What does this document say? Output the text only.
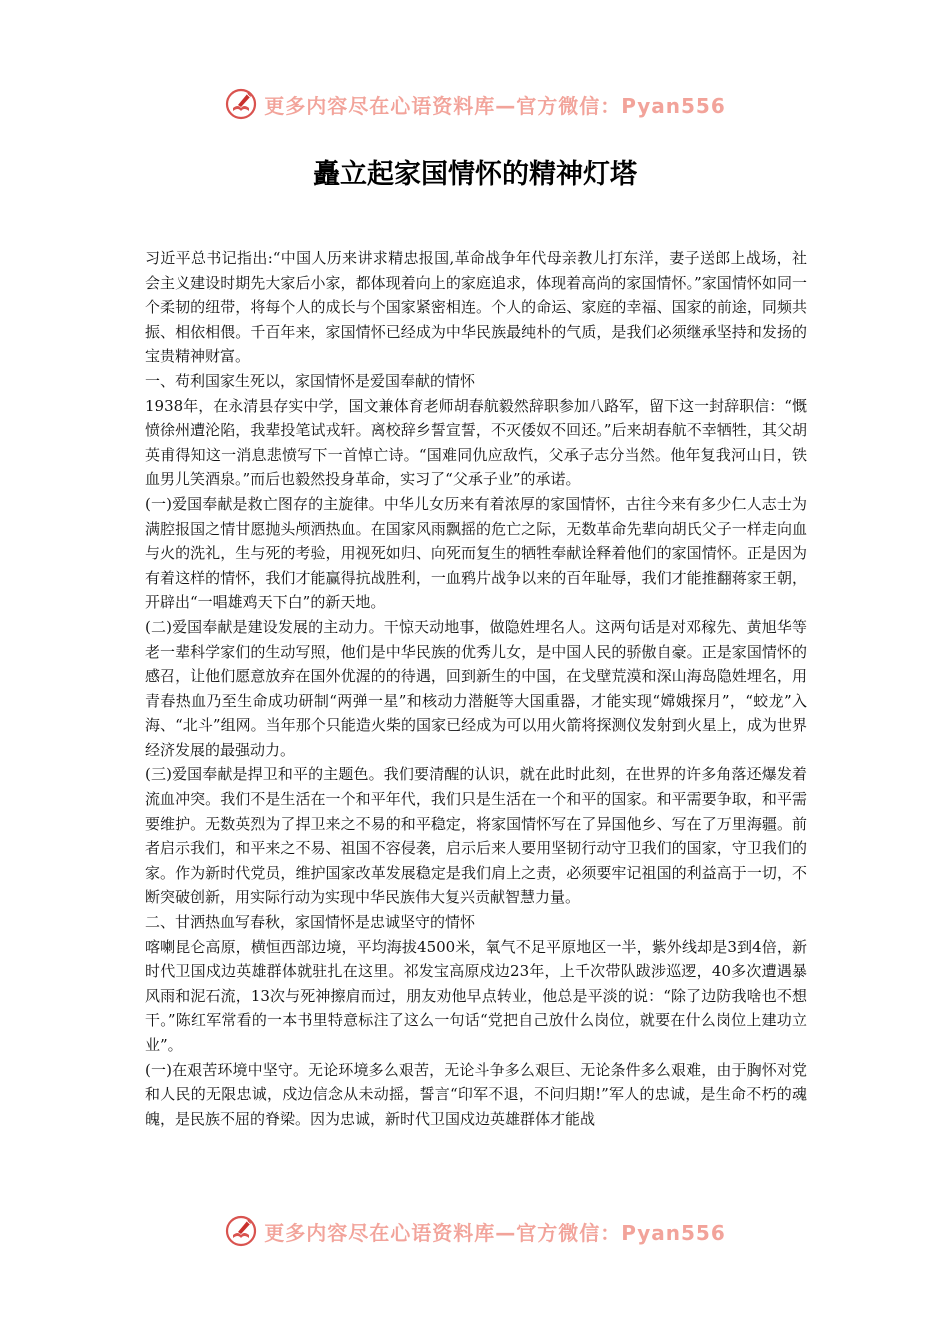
更多内容尽在心语资料库—官方微信：Pyan556
矗立起家国情怀的精神灯塔

习近平总书记指出:“中国人历来讲求精忠报国,革命战争年代母亲教儿打东洋，妻子送郎上战场，社会主义建设时期先大家后小家，都体现着向上的家庭追求，体现着高尚的家国情怀。”家国情怀如同一个柔韧的纽带，将每个人的成长与个国家紧密相连。个人的命运、家庭的幸福、国家的前途，同频共振、相依相偎。千百年来，家国情怀已经成为中华民族最纯朴的气质，是我们必须继承坚持和发扬的宝贵精神财富。

一、苟利国家生死以，家国情怀是爱国奉献的情怀

1938年，在永清县存实中学，国文兼体育老师胡春航毅然辞职参加八路军，留下这一封辞职信：“慨愤徐州遭沦陷，我辈投笔试戎轩。离校辞乡誓宣誓，不灭倭奴不回还。”后来胡春航不幸牺牲，其父胡英甫得知这一消息悲愤写下一首悼亡诗。“国难同仇应敌忾，父承子志分当然。他年复我河山日，铁血男儿笑酒泉。”而后也毅然投身革命，实习了“父承子业”的承诺。

(一)爱国奉献是救亡图存的主旋律。中华儿女历来有着浓厚的家国情怀，古往今来有多少仁人志士为满腔报国之情甘愿抛头颅洒热血。在国家风雨飘摇的危亡之际，无数革命先辈向胡氏父子一样走向血与火的洗礼，生与死的考验，用视死如归、向死而复生的牺牲奉献诠释着他们的家国情怀。正是因为有着这样的情怀，我们才能赢得抗战胜利，一血鸦片战争以来的百年耻辱，我们才能推翻蒋家王朝，开辟出“一唱雄鸡天下白”的新天地。

(二)爱国奉献是建设发展的主动力。干惊天动地事，做隐姓埋名人。这两句话是对邓稼先、黄旭华等老一辈科学家们的生动写照，他们是中华民族的优秀儿女，是中国人民的骄傲自豪。正是家国情怀的感召，让他们愿意放弃在国外优渥的的待遇，回到新生的中国，在戈壁荒漠和深山海岛隐姓埋名，用青春热血乃至生命成功研制“两弹一星”和核动力潜艇等大国重器，才能实现“嫦娥探月”，“蛟龙”入海、“北斗”组网。当年那个只能造火柴的国家已经成为可以用火箭将探测仪发射到火星上，成为世界经济发展的最强动力。

(三)爱国奉献是捍卫和平的主题色。我们要清醒的认识，就在此时此刻，在世界的许多角落还爆发着流血冲突。我们不是生活在一个和平年代，我们只是生活在一个和平的国家。和平需要争取，和平需要维护。无数英烈为了捍卫来之不易的和平稳定，将家国情怀写在了异国他乡、写在了万里海疆。前者启示我们，和平来之不易、祖国不容侵袭，启示后来人要用坚韧行动守卫我们的国家，守卫我们的家。作为新时代党员，维护国家改革发展稳定是我们肩上之责，必须要牢记祖国的利益高于一切，不断突破创新，用实际行动为实现中华民族伟大复兴贡献智慧力量。

二、甘洒热血写春秋，家国情怀是忠诚坚守的情怀

喀喇昆仑高原，横恒西部边境，平均海拔4500米，氧气不足平原地区一半，紫外线却是3到4倍，新时代卫国戍边英雄群体就驻扎在这里。祁发宝高原戍边23年，上千次带队跋涉巡逻，40多次遭遇暴风雨和泥石流，13次与死神擦肩而过，朋友劝他早点转业，他总是平淡的说：“除了边防我啥也不想干。”陈红军常看的一本书里特意标注了这么一句话“党把自己放什么岗位，就要在什么岗位上建功立业”。

(一)在艰苦环境中坚守。无论环境多么艰苦，无论斗争多么艰巨、无论条件多么艰难，由于胸怀对党和人民的无限忠诚，戍边信念从未动摇，誓言“印军不退，不问归期!”军人的忠诚，是生命不朽的魂魄，是民族不屈的脊梁。因为忠诚，新时代卫国戍边英雄群体才能战

更多内容尽在心语资料库—官方微信：Pyan556
